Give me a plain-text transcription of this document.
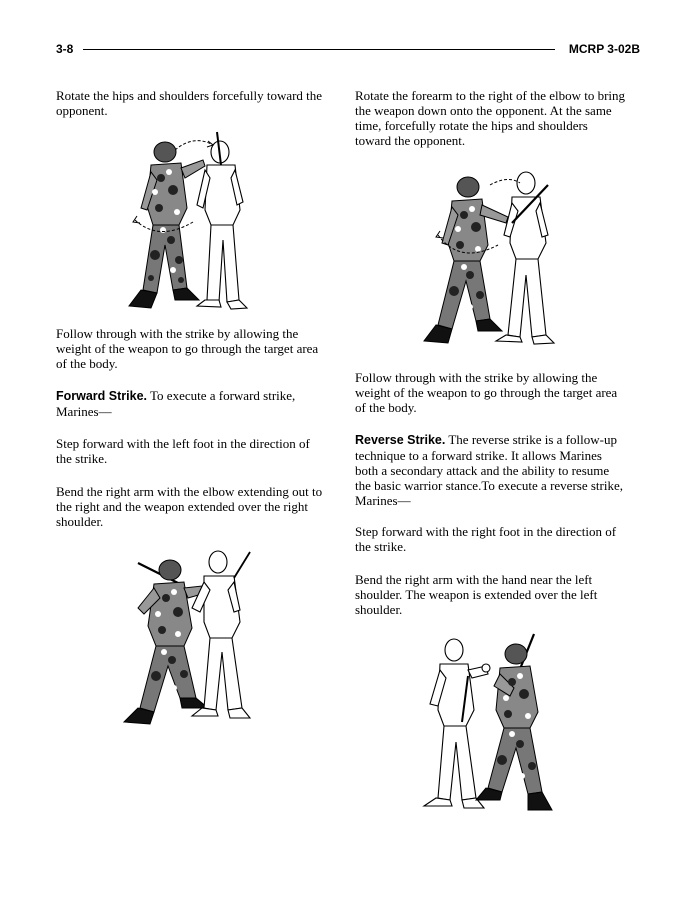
3-8	MCRP 3-02B
Rotate the hips and shoulders forcefully toward the opponent.
Follow through with the strike by allowing the weight of the weapon to go through the target area of the body.
Forward Strike. To execute a forward strike, Marines—
Step forward with the left foot in the direction of the strike.
Bend the right arm with the elbow extending out to the right and the weapon extended over the right shoulder.
Rotate the forearm to the right of the elbow to bring the weapon down onto the opponent. At the same time, forcefully rotate the hips and shoulders toward the opponent.
Follow through with the strike by allowing the weight of the weapon to go through the target area of the body.
Reverse Strike. The reverse strike is a follow-up technique to a forward strike. It allows Marines both a secondary attack and the ability to resume the basic warrior stance.To execute a reverse strike, Marines—
Step forward with the right foot in the direction of the strike.
Bend the right arm with the hand near the left shoulder. The weapon is extended over the left shoulder.
